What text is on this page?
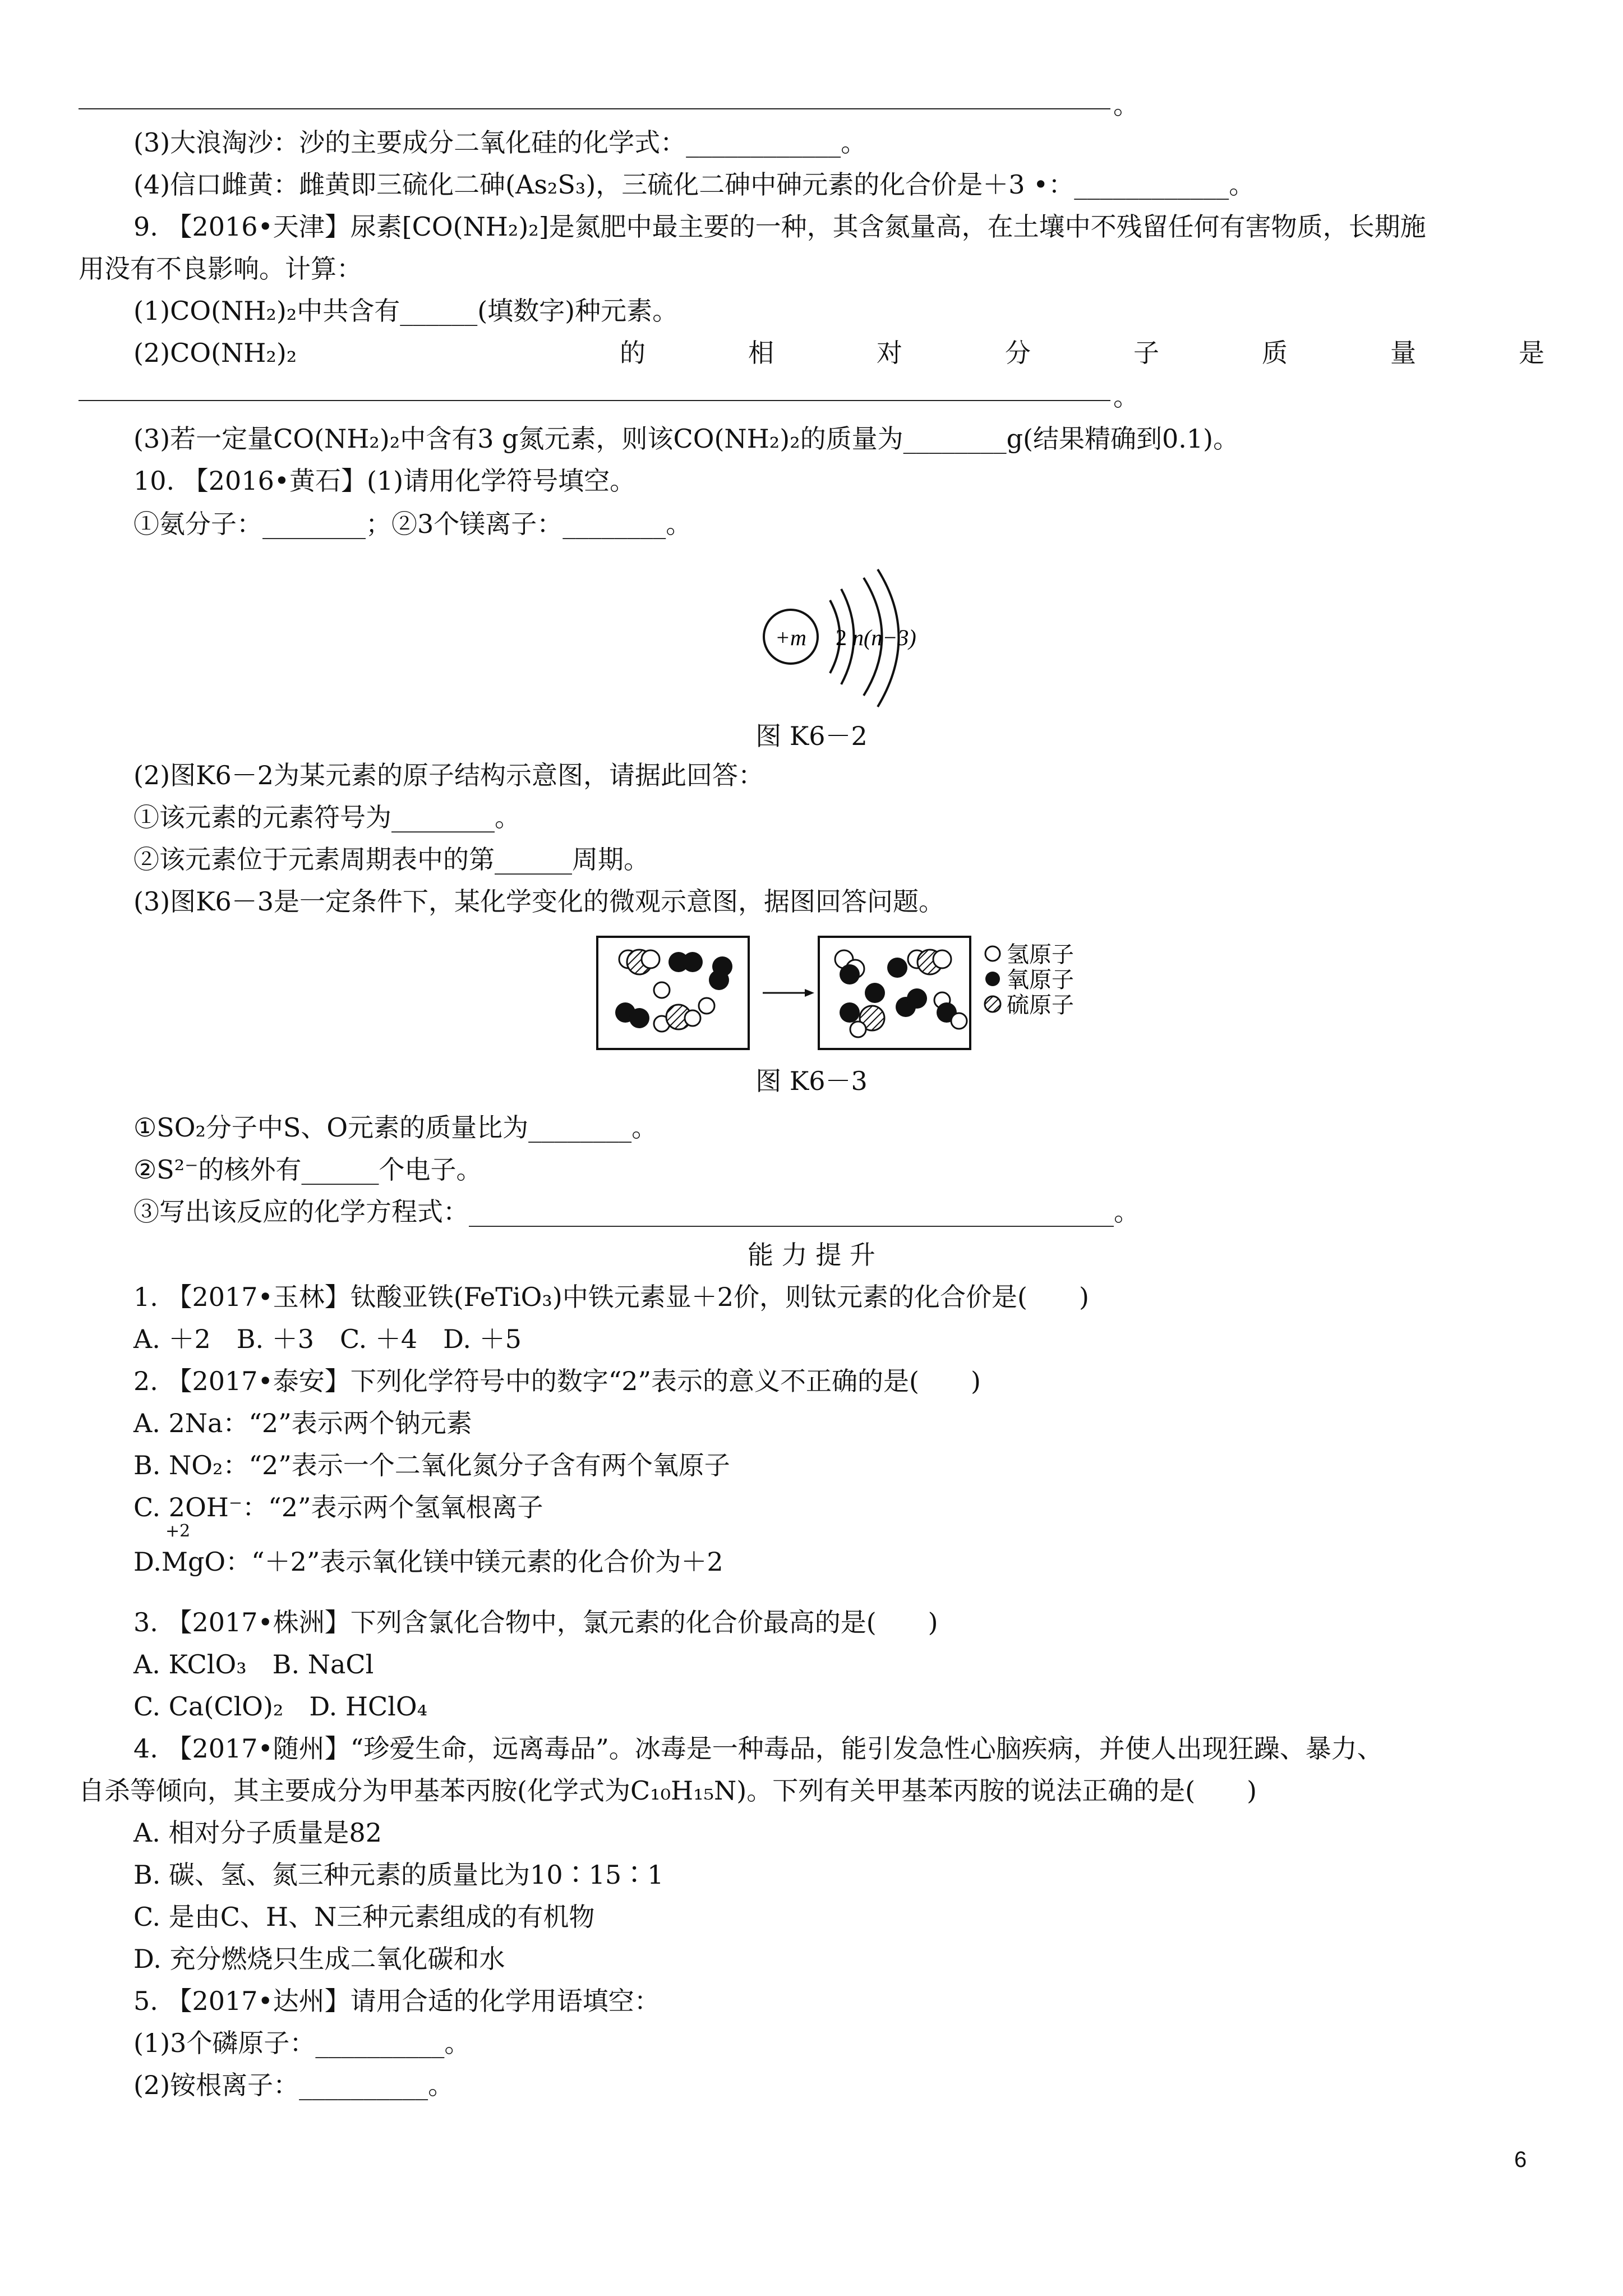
。
(3)大浪淘沙：沙的主要成分二氧化硅的化学式：____________。
(4)信口雌黄：雌黄即三硫化二砷(As₂S₃)，三硫化二砷中砷元素的化合价是＋3 •：____________。
9. 【2016•天津】尿素[CO(NH₂)₂]是氮肥中最主要的一种，其含氮量高，在土壤中不残留任何有害物质，长期施
用没有不良影响。计算：
(1)CO(NH₂)₂中共含有______(填数字)种元素。
(2)CO(NH₂)₂	的	相	对	分	子	质	量	是
。
(3)若一定量CO(NH₂)₂中含有3 g氮元素，则该CO(NH₂)₂的质量为________g(结果精确到0.1)。
10. 【2016•黄石】(1)请用化学符号填空。
①氨分子：________；②3个镁离子：________。
+m 2 n(n−3)
图 K6－2
(2)图K6－2为某元素的原子结构示意图，请据此回答：
①该元素的元素符号为________。
②该元素位于元素周期表中的第______周期。
(3)图K6－3是一定条件下，某化学变化的微观示意图，据图回答问题。
氢原子
氧原子
硫原子
图 K6－3
①SO₂分子中S、O元素的质量比为________。
②S²⁻的核外有______个电子。
③写出该反应的化学方程式：__________________________________________________。
能 力 提 升
1. 【2017•玉林】钛酸亚铁(FeTiO₃)中铁元素显＋2价，则钛元素的化合价是(　　)
A. ＋2　B. ＋3　C. ＋4　D. ＋5
2. 【2017•泰安】下列化学符号中的数字“2”表示的意义不正确的是(　　)
A. 2Na：“2”表示两个钠元素
B. NO₂：“2”表示一个二氧化氮分子含有两个氧原子
C. 2OH⁻：“2”表示两个氢氧根离子
+2
D.MgO：“＋2”表示氧化镁中镁元素的化合价为＋2
3. 【2017•株洲】下列含氯化合物中，氯元素的化合价最高的是(　　)
A. KClO₃　B. NaCl
C. Ca(ClO)₂　D. HClO₄
4. 【2017•随州】“珍爱生命，远离毒品”。冰毒是一种毒品，能引发急性心脑疾病，并使人出现狂躁、暴力、
自杀等倾向，其主要成分为甲基苯丙胺(化学式为C₁₀H₁₅N)。下列有关甲基苯丙胺的说法正确的是(　　)
A. 相对分子质量是82
B. 碳、氢、氮三种元素的质量比为10∶15∶1
C. 是由C、H、N三种元素组成的有机物
D. 充分燃烧只生成二氧化碳和水
5. 【2017•达州】请用合适的化学用语填空：
(1)3个磷原子：__________。
(2)铵根离子：__________。
6
